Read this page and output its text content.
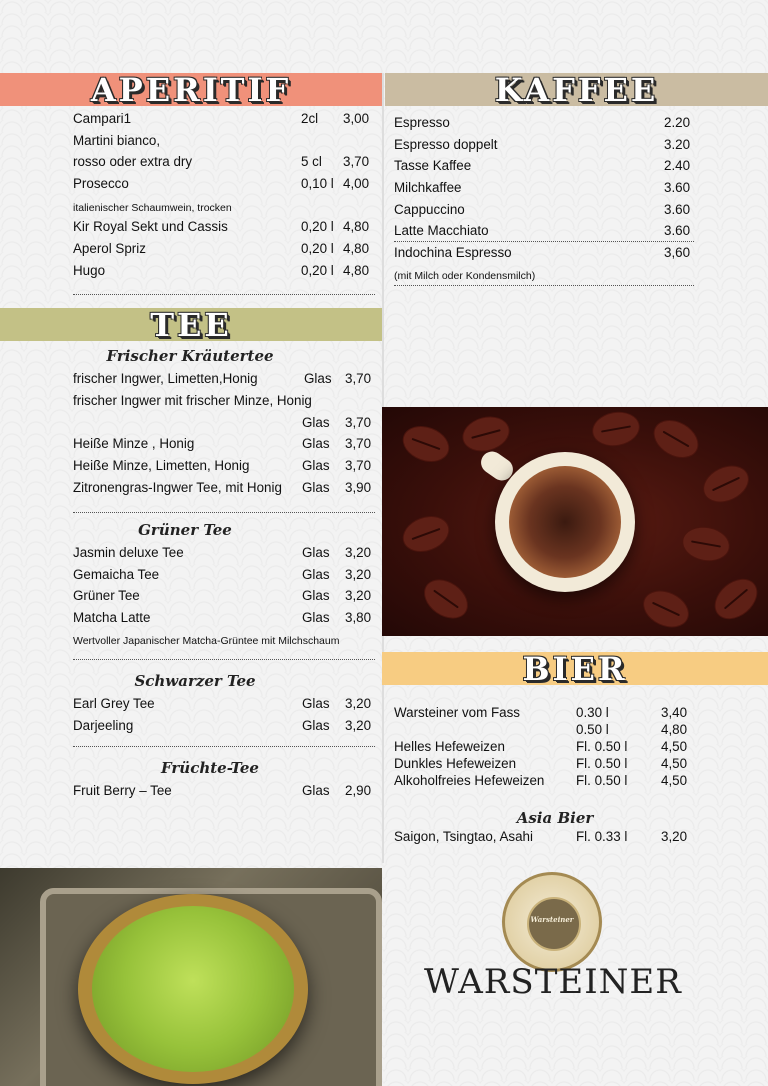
APERITIF	KAFFEE
TEE
BIER
Campari1	2cl 3,00
Martini bianco,
rosso oder extra dry	5 cl 3,70
Prosecco	0,10 l 4,00
italienischer Schaumwein, trocken
Kir Royal Sekt und Cassis	0,20 l 4,80
Aperol Spriz	0,20 l 4,80
Hugo	0,20 l 4,80
Espresso	2.20
Espresso doppelt	3.20
Tasse Kaffee	2.40
Milchkaffee	3.60
Cappuccino	3.60
Latte Macchiato	3.60
Indochina Espresso	3,60
(mit Milch oder Kondensmilch)
Frischer Kräutertee
frischer Ingwer, Limetten,Honig	Glas 3,70
frischer Ingwer mit frischer Minze, Honig
Glas 3,70
Heiße Minze , Honig	Glas 3,70
Heiße Minze, Limetten, Honig	Glas 3,70
Zitronengras-Ingwer Tee, mit Honig Glas 3,90
Grüner Tee
Jasmin deluxe Tee	Glas 3,20
Gemaicha Tee	Glas 3,20
Grüner Tee	Glas 3,20
Matcha Latte	Glas 3,80
Wertvoller Japanischer Matcha-Grüntee mit Milchschaum
Schwarzer Tee
Earl Grey Tee	Glas 3,20
Darjeeling	Glas 3,20
Früchte-Tee
Fruit Berry – Tee	Glas 2,90
Warsteiner vom Fass	0.30 l	3,40
0.50 l	4,80
Helles Hefeweizen	Fl. 0.50 l	4,50
Dunkles Hefeweizen	Fl. 0.50 l	4,50
Alkoholfreies Hefeweizen Fl. 0.50 l	4,50
Asia Bier
Saigon, Tsingtao, Asahi	Fl. 0.33 l	3,20
Warsteiner
WARSTEINER
